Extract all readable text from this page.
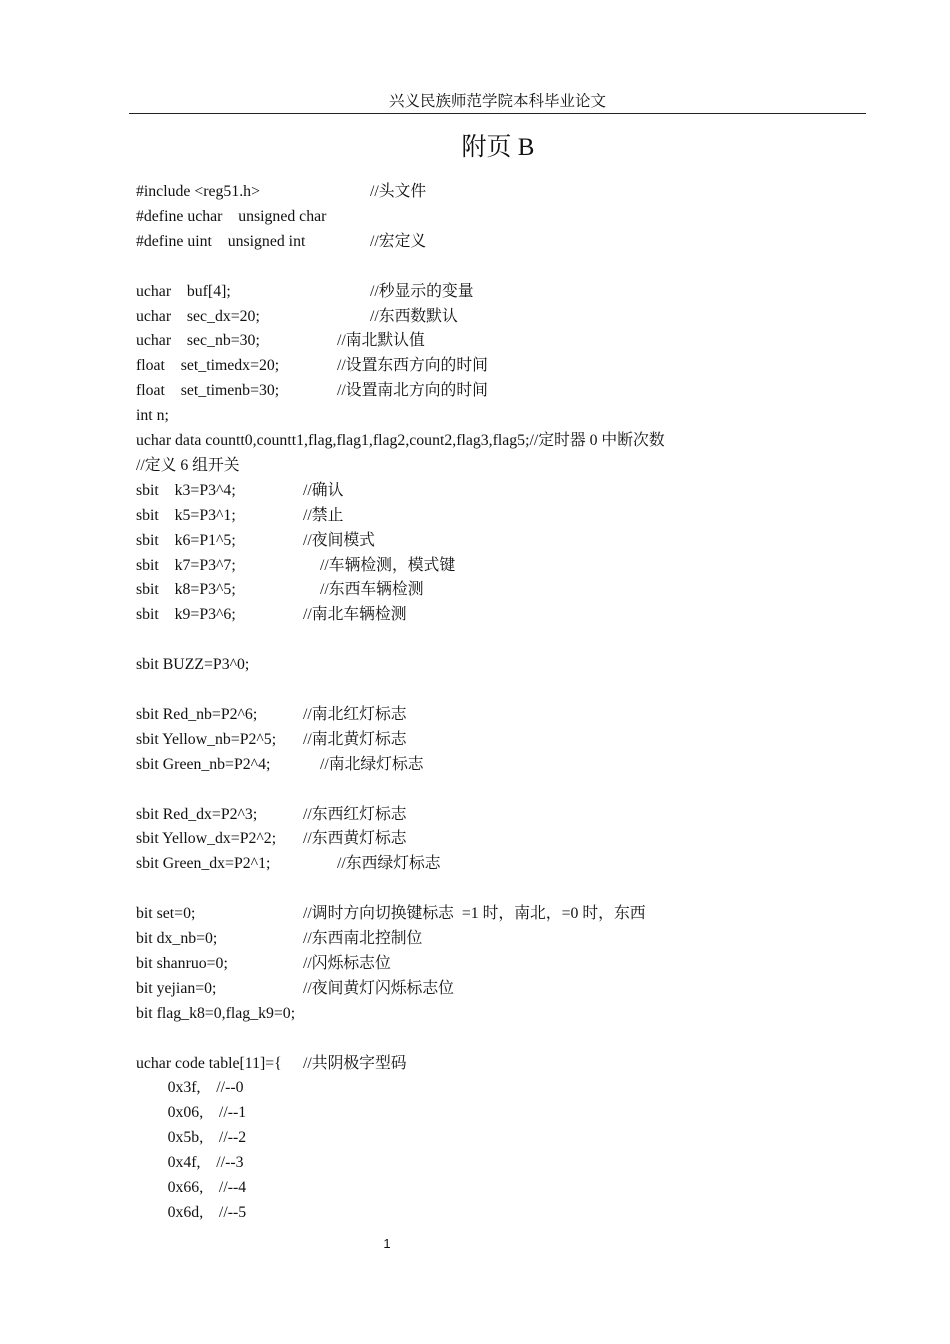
兴义民族师范学院本科毕业论文
附页 B
#include <reg51.h>	//头文件
#define uchar    unsigned char
#define uint    unsigned int	//宏定义
uchar    buf[4];	//秒显示的变量
uchar    sec_dx=20;	//东西数默认
uchar    sec_nb=30;	//南北默认值
float    set_timedx=20;	//设置东西方向的时间
float    set_timenb=30;	//设置南北方向的时间
int n;
uchar data countt0,countt1,flag,flag1,flag2,count2,flag3,flag5;//定时器 0 中断次数
//定义 6 组开关
sbit    k3=P3^4;	//确认
sbit    k5=P3^1;	//禁止
sbit    k6=P1^5;	//夜间模式
sbit    k7=P3^7;	//车辆检测，模式键
sbit    k8=P3^5;	//东西车辆检测
sbit    k9=P3^6;	//南北车辆检测
sbit BUZZ=P3^0;
sbit Red_nb=P2^6;	//南北红灯标志
sbit Yellow_nb=P2^5; //南北黄灯标志
sbit Green_nb=P2^4;	//南北绿灯标志
sbit Red_dx=P2^3;	//东西红灯标志
sbit Yellow_dx=P2^2; //东西黄灯标志
sbit Green_dx=P2^1;	//东西绿灯标志
bit set=0;	//调时方向切换键标志  =1 时，南北，=0 时，东西
bit dx_nb=0;	//东西南北控制位
bit shanruo=0;	//闪烁标志位
bit yejian=0;	//夜间黄灯闪烁标志位
bit flag_k8=0,flag_k9=0;
uchar code table[11]={ //共阴极字型码
0x3f,    //--0
0x06,    //--1
0x5b,    //--2
0x4f,    //--3
0x66,    //--4
0x6d,    //--5
1
